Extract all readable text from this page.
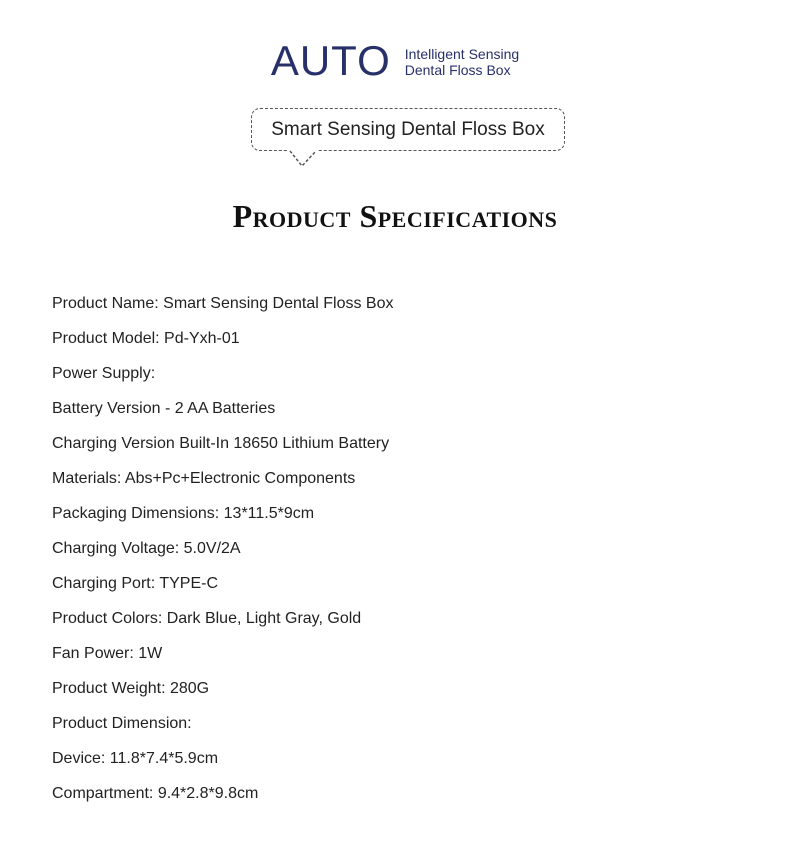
AUTO Intelligent Sensing
Dental Floss Box
Smart Sensing Dental Floss Box
Product Specifications
Product Name: Smart Sensing Dental Floss Box
Product Model: Pd-Yxh-01
Power Supply:
Battery Version - 2 AA Batteries
Charging Version Built-In 18650 Lithium Battery
Materials: Abs+Pc+Electronic Components
Packaging Dimensions: 13*11.5*9cm
Charging Voltage: 5.0V/2A
Charging Port: TYPE-C
Product Colors: Dark Blue, Light Gray, Gold
Fan Power: 1W
Product Weight: 280G
Product Dimension:
Device: 11.8*7.4*5.9cm
Compartment: 9.4*2.8*9.8cm
